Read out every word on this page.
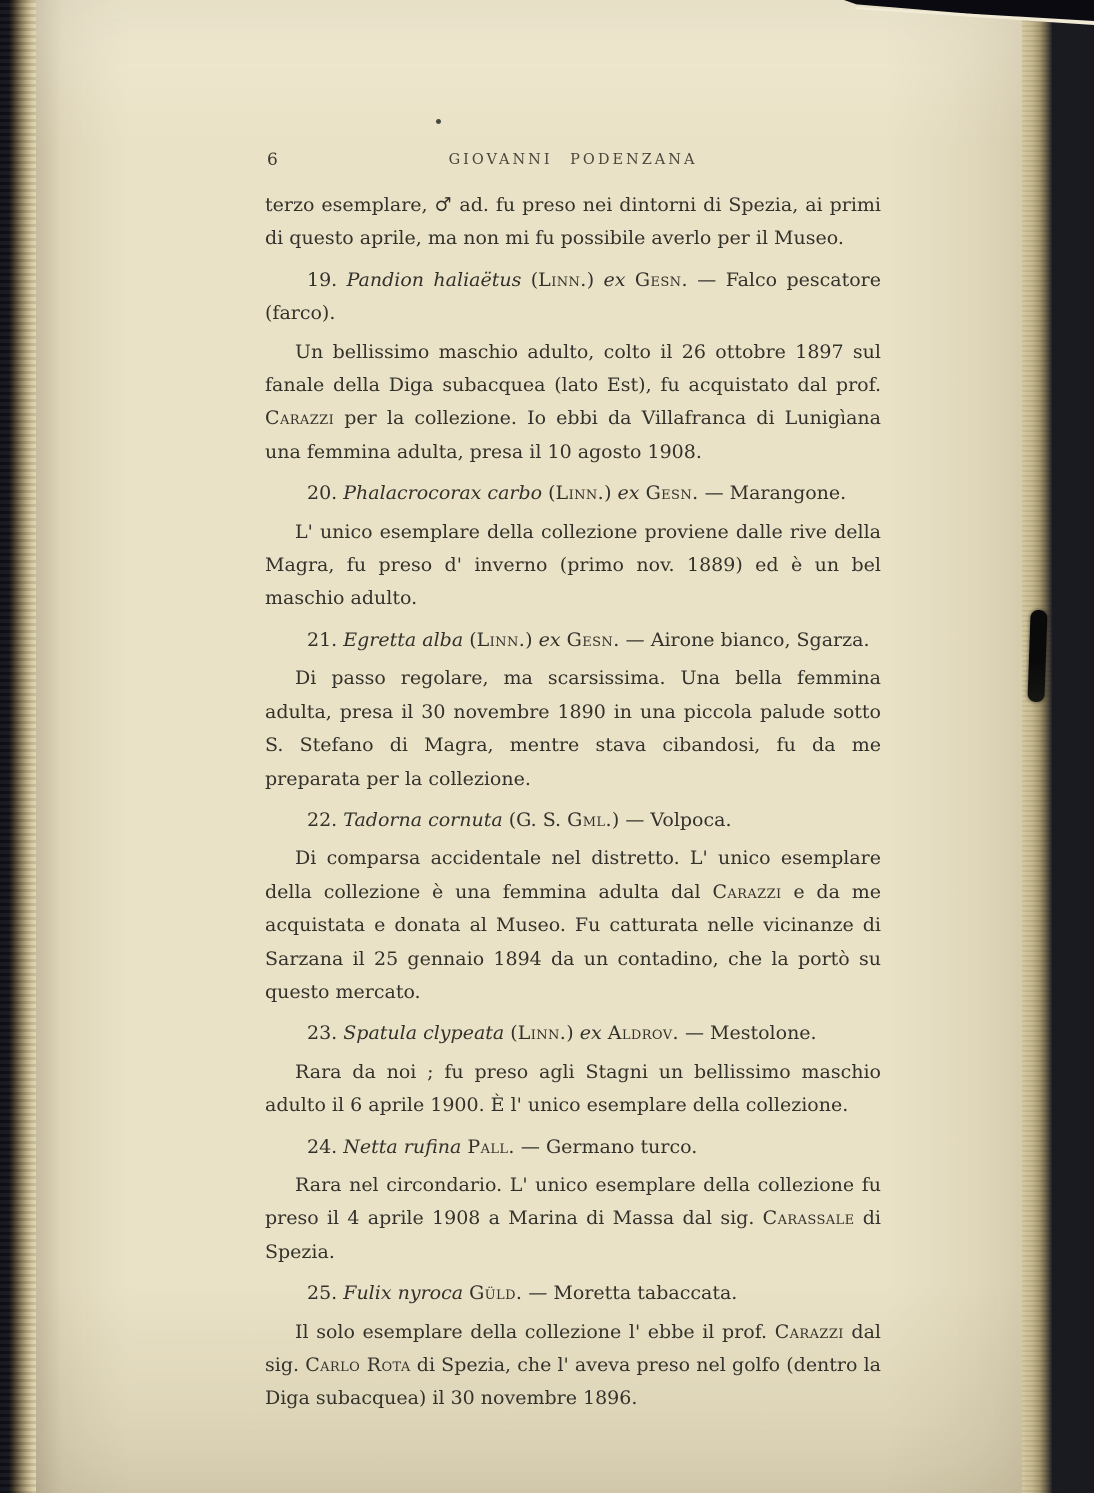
6	GIOVANNI PODENZANA

terzo esemplare, ♂ ad. fu preso nei dintorni di Spezia, ai primi di questo aprile, ma non mi fu possibile averlo per il Museo.

19. Pandion haliaëtus (Linn.) ex Gesn. — Falco pescatore (farco).

Un bellissimo maschio adulto, colto il 26 ottobre 1897 sul fanale della Diga subacquea (lato Est), fu acquistato dal prof. Carazzi per la collezione. Io ebbi da Villafranca di Lunigìana una femmina adulta, presa il 10 agosto 1908.

20. Phalacrocorax carbo (Linn.) ex Gesn. — Marangone.

L' unico esemplare della collezione proviene dalle rive della Magra, fu preso d' inverno (primo nov. 1889) ed è un bel maschio adulto.

21. Egretta alba (Linn.) ex Gesn. — Airone bianco, Sgarza.

Di passo regolare, ma scarsissima. Una bella femmina adulta, presa il 30 novembre 1890 in una piccola palude sotto S. Stefano di Magra, mentre stava cibandosi, fu da me preparata per la collezione.

22. Tadorna cornuta (G. S. Gml.) — Volpoca.

Di comparsa accidentale nel distretto. L' unico esemplare della collezione è una femmina adulta dal Carazzi e da me acquistata e donata al Museo. Fu catturata nelle vicinanze di Sarzana il 25 gennaio 1894 da un contadino, che la portò su questo mercato.

23. Spatula clypeata (Linn.) ex Aldrov. — Mestolone.

Rara da noi ; fu preso agli Stagni un bellissimo maschio adulto il 6 aprile 1900. È l' unico esemplare della collezione.

24. Netta rufina Pall. — Germano turco.

Rara nel circondario. L' unico esemplare della collezione fu preso il 4 aprile 1908 a Marina di Massa dal sig. Carassale di Spezia.

25. Fulix nyroca Güld. — Moretta tabaccata.

Il solo esemplare della collezione l' ebbe il prof. Carazzi dal sig. Carlo Rota di Spezia, che l' aveva preso nel golfo (dentro la Diga subacquea) il 30 novembre 1896.
